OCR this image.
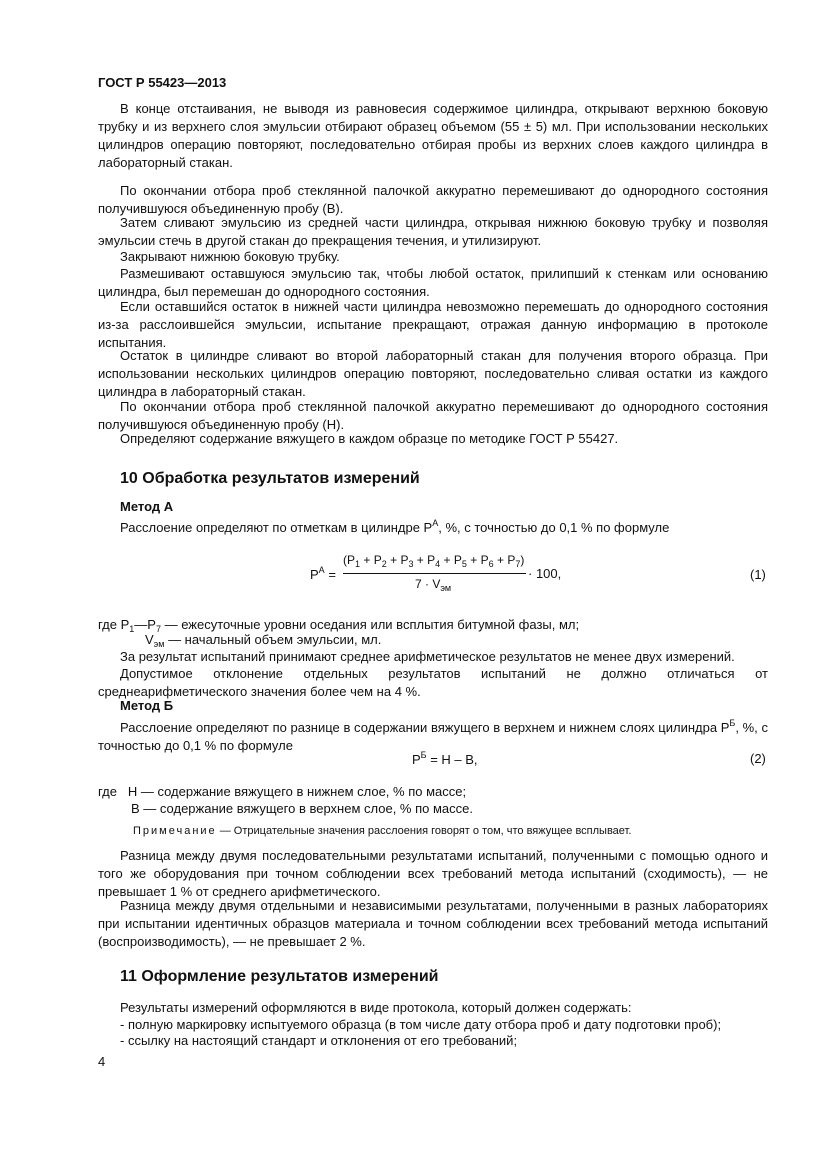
ГОСТ Р 55423—2013
В конце отстаивания, не выводя из равновесия содержимое цилиндра, открывают верхнюю боковую трубку и из верхнего слоя эмульсии отбирают образец объемом (55 ± 5) мл. При использовании нескольких цилиндров операцию повторяют, последовательно отбирая пробы из верхних слоев каждого цилиндра в лабораторный стакан.
По окончании отбора проб стеклянной палочкой аккуратно перемешивают до однородного состояния получившуюся объединенную пробу (В).
Затем сливают эмульсию из средней части цилиндра, открывая нижнюю боковую трубку и позволяя эмульсии стечь в другой стакан до прекращения течения, и утилизируют.
Закрывают нижнюю боковую трубку.
Размешивают оставшуюся эмульсию так, чтобы любой остаток, прилипший к стенкам или основанию цилиндра, был перемешан до однородного состояния.
Если оставшийся остаток в нижней части цилиндра невозможно перемешать до однородного состояния из-за расслоившейся эмульсии, испытание прекращают, отражая данную информацию в протоколе испытания.
Остаток в цилиндре сливают во второй лабораторный стакан для получения второго образца. При использовании нескольких цилиндров операцию повторяют, последовательно сливая остатки из каждого цилиндра в лабораторный стакан.
По окончании отбора проб стеклянной палочкой аккуратно перемешивают до однородного состояния получившуюся объединенную пробу (Н).
Определяют содержание вяжущего в каждом образце по методике ГОСТ Р 55427.
10 Обработка результатов измерений
Метод А
Расслоение определяют по отметкам в цилиндре $Р^А$, %, с точностью до 0,1 % по формуле
$Р^А$ =
$(Р_1 + Р_2 + Р_3 + Р_4 + Р_5 + Р_6 + Р_7)$
$7 \cdot V_{эм}$
· 100,	(1)
где $Р_1—Р_7$ — ежесуточные уровни оседания или всплытия битумной фазы, мл;
$V_{эм}$ — начальный объем эмульсии, мл.
За результат испытаний принимают среднее арифметическое результатов не менее двух измерений.
Допустимое отклонение отдельных результатов испытаний не должно отличаться от среднеарифметического значения более чем на 4 %.
Метод Б
Расслоение определяют по разнице в содержании вяжущего в верхнем и нижнем слоях цилиндра $Р^Б$, %, с точностью до 0,1 % по формуле
$Р^Б = Н - В$,	(2)
где Н — содержание вяжущего в нижнем слое, % по массе;
В — содержание вяжущего в верхнем слое, % по массе.
Примечание — Отрицательные значения расслоения говорят о том, что вяжущее всплывает.
Разница между двумя последовательными результатами испытаний, полученными с помощью одного и того же оборудования при точном соблюдении всех требований метода испытаний (сходимость), — не превышает 1 % от среднего арифметического.
Разница между двумя отдельными и независимыми результатами, полученными в разных лабораториях при испытании идентичных образцов материала и точном соблюдении всех требований метода испытаний (воспроизводимость), — не превышает 2 %.
11 Оформление результатов измерений
Результаты измерений оформляются в виде протокола, который должен содержать:
- полную маркировку испытуемого образца (в том числе дату отбора проб и дату подготовки проб);
- ссылку на настоящий стандарт и отклонения от его требований;
4
